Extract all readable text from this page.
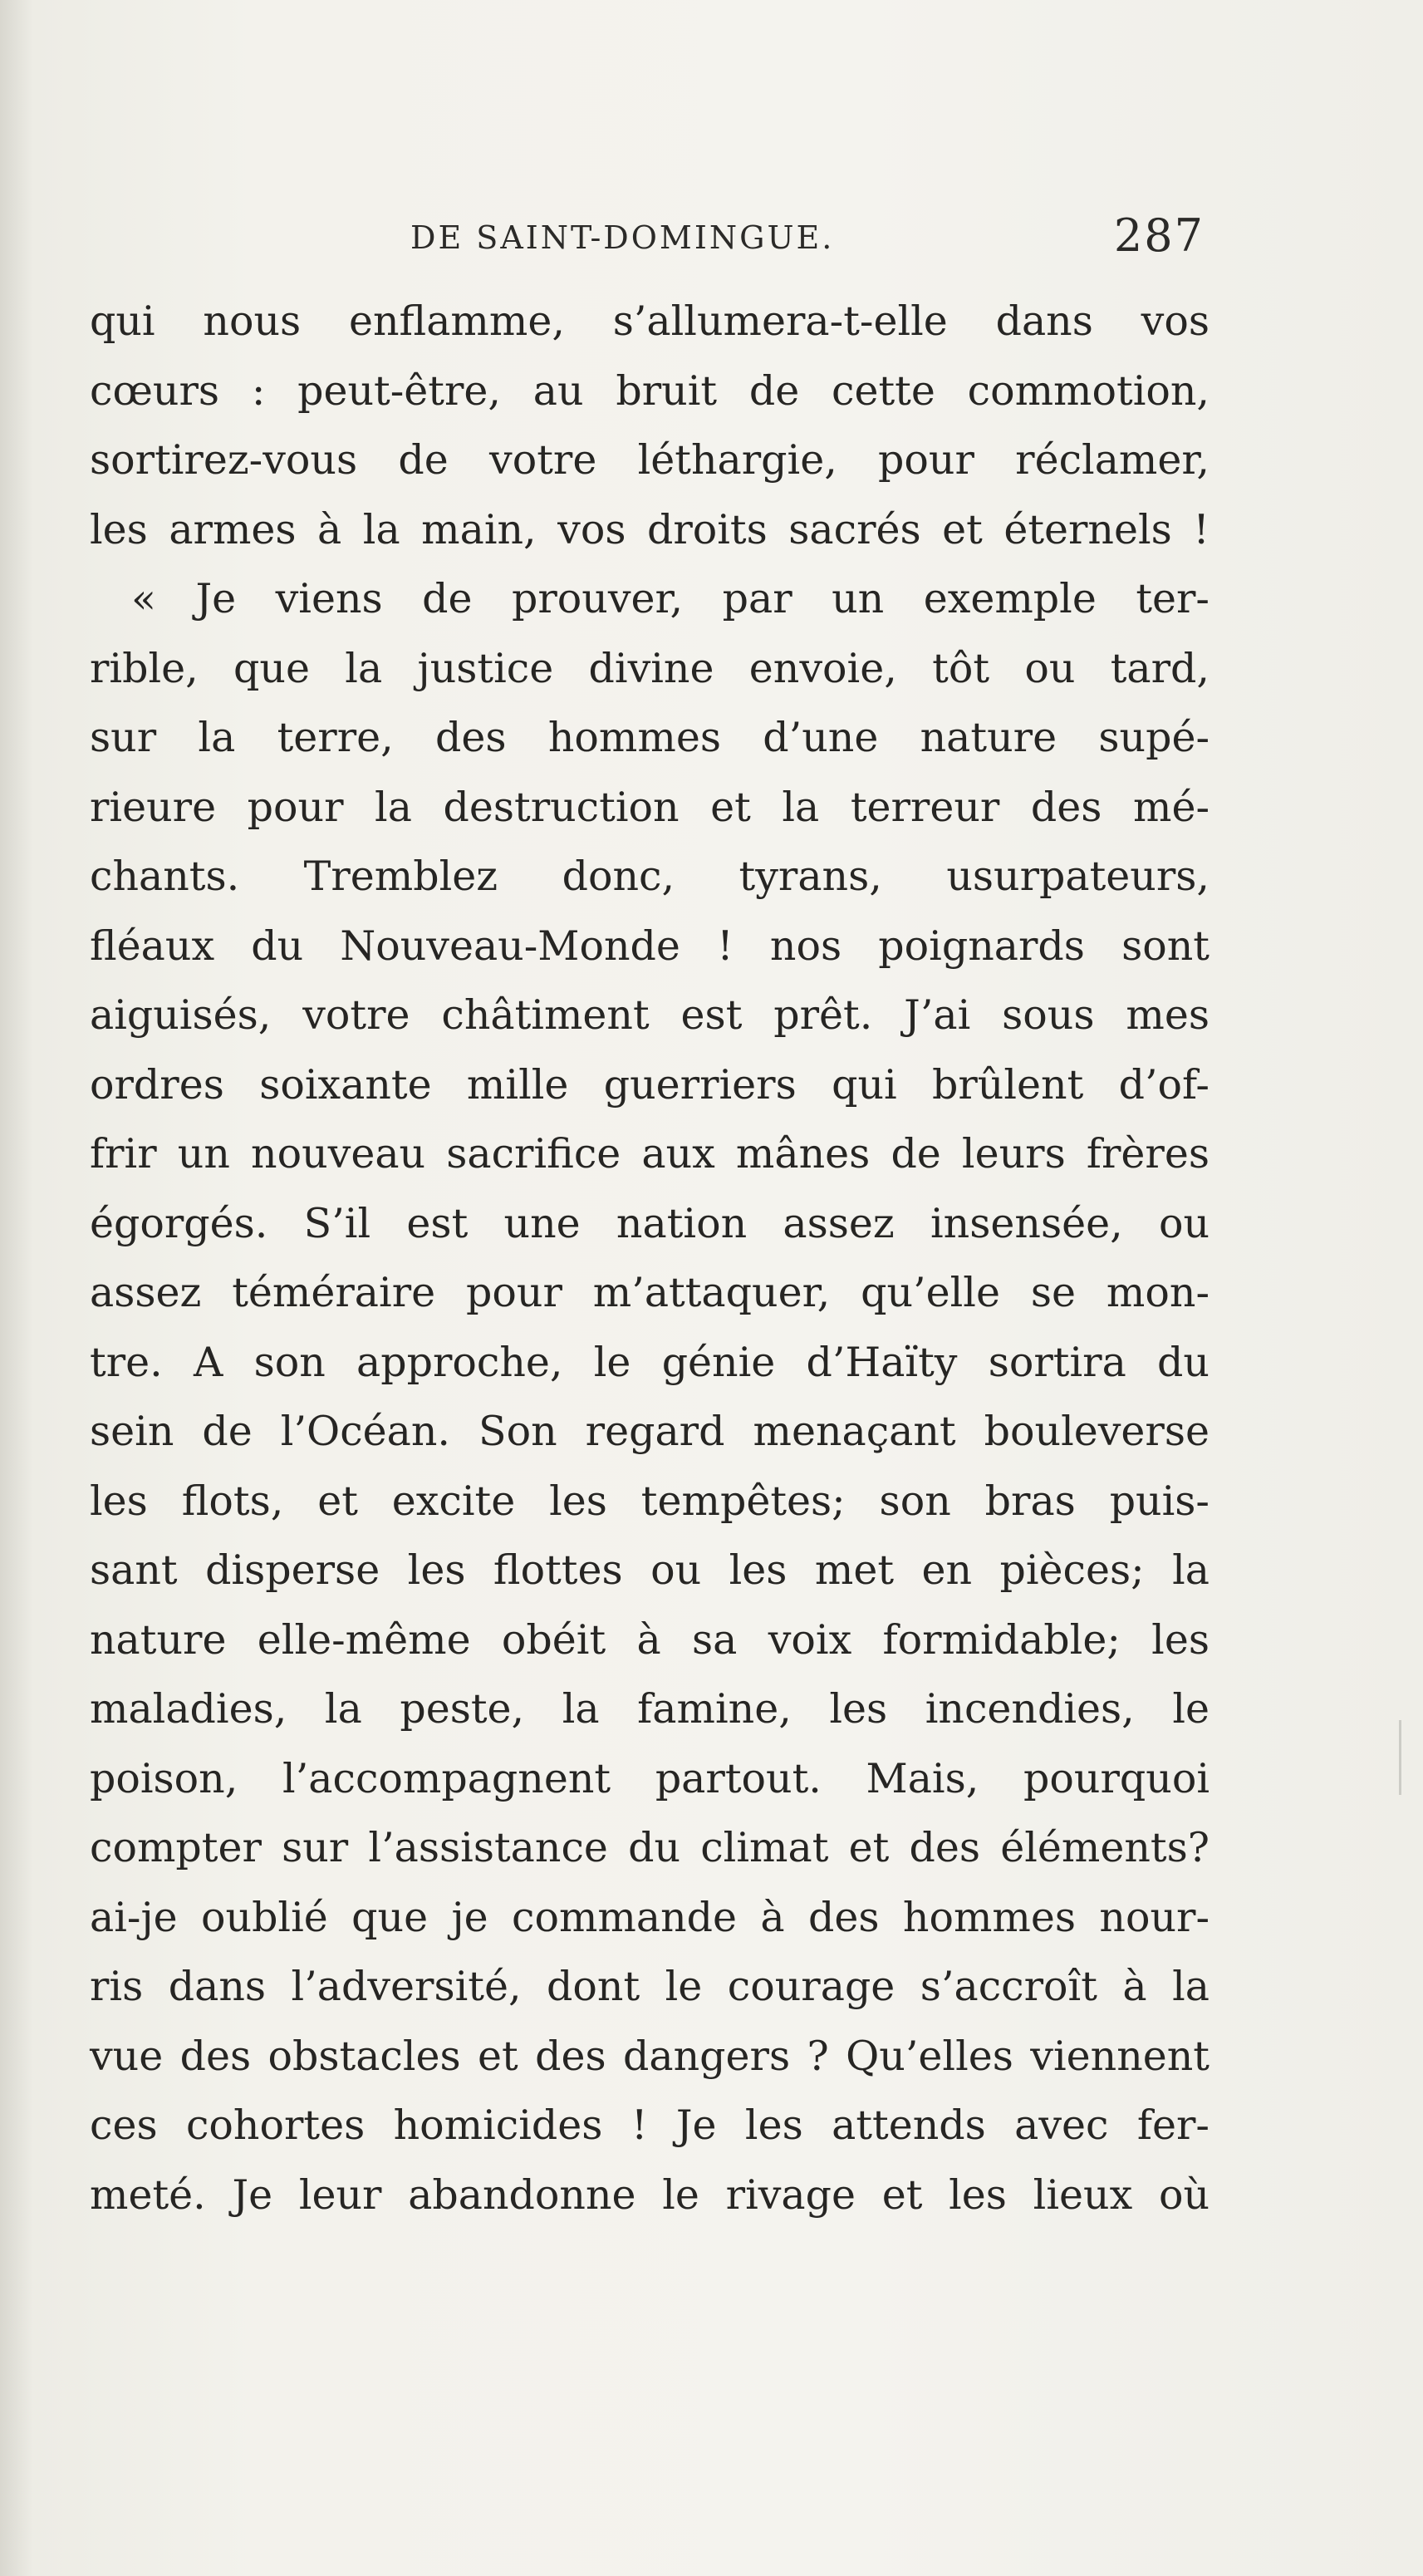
DE SAINT-DOMINGUE.	287
qui nous enflamme, s’allumera-t-elle dans vos
cœurs : peut-être, au bruit de cette commotion,
sortirez-vous de votre léthargie, pour réclamer,
les armes à la main, vos droits sacrés et éternels !
« Je viens de prouver, par un exemple ter-
rible, que la justice divine envoie, tôt ou tard,
sur la terre, des hommes d’une nature supé-
rieure pour la destruction et la terreur des mé-
chants. Tremblez donc, tyrans, usurpateurs,
fléaux du Nouveau-Monde ! nos poignards sont
aiguisés, votre châtiment est prêt. J’ai sous mes
ordres soixante mille guerriers qui brûlent d’of-
frir un nouveau sacrifice aux mânes de leurs frères
égorgés. S’il est une nation assez insensée, ou
assez téméraire pour m’attaquer, qu’elle se mon-
tre. A son approche, le génie d’Haïty sortira du
sein de l’Océan. Son regard menaçant bouleverse
les flots, et excite les tempêtes; son bras puis-
sant disperse les flottes ou les met en pièces; la
nature elle-même obéit à sa voix formidable; les
maladies, la peste, la famine, les incendies, le
poison, l’accompagnent partout. Mais, pourquoi
compter sur l’assistance du climat et des éléments?
ai-je oublié que je commande à des hommes nour-
ris dans l’adversité, dont le courage s’accroît à la
vue des obstacles et des dangers ? Qu’elles viennent
ces cohortes homicides ! Je les attends avec fer-
meté. Je leur abandonne le rivage et les lieux où
